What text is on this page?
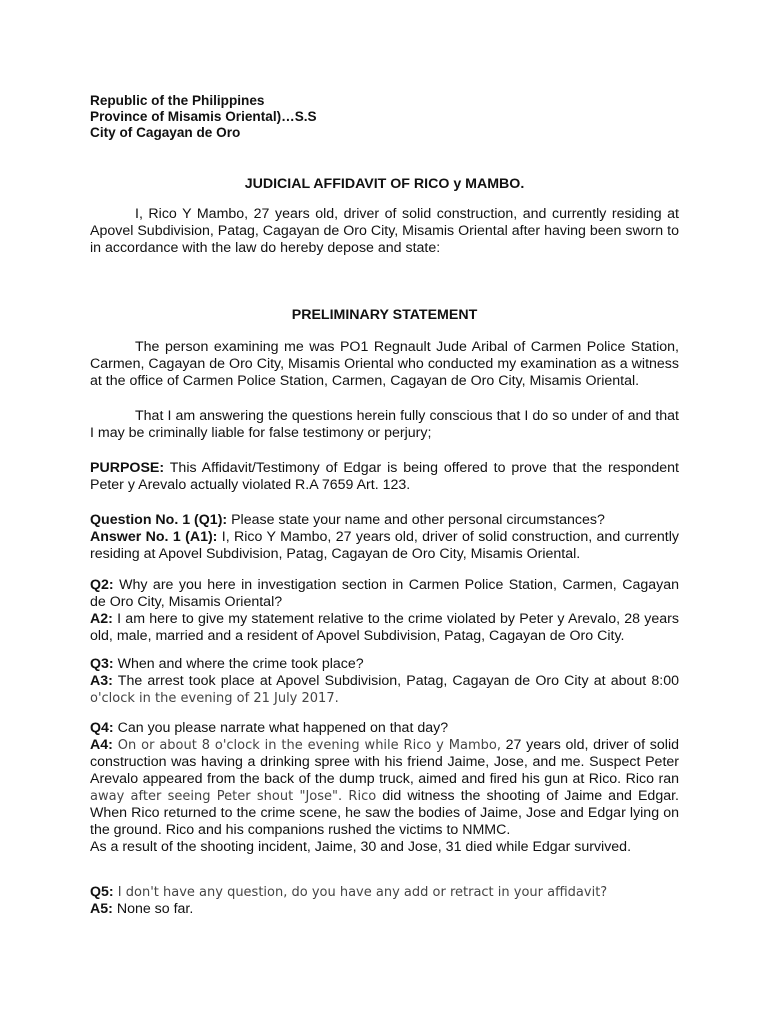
Republic of the Philippines
Province of Misamis Oriental)…S.S
City of Cagayan de Oro
JUDICIAL AFFIDAVIT OF RICO y MAMBO.

I, Rico Y Mambo, 27 years old, driver of solid construction, and currently residing at Apovel Subdivision, Patag, Cagayan de Oro City, Misamis Oriental after having been sworn to in accordance with the law do hereby depose and state:

PRELIMINARY STATEMENT

The person examining me was PO1 Regnault Jude Aribal of Carmen Police Station, Carmen, Cagayan de Oro City, Misamis Oriental who conducted my examination as a witness at the office of Carmen Police Station, Carmen, Cagayan de Oro City, Misamis Oriental.

That I am answering the questions herein fully conscious that I do so under of and that I may be criminally liable for false testimony or perjury;

PURPOSE: This Affidavit/Testimony of Edgar is being offered to prove that the respondent Peter y Arevalo actually violated R.A 7659 Art. 123.

Question No. 1 (Q1): Please state your name and other personal circumstances?
Answer No. 1 (A1): I, Rico Y Mambo, 27 years old, driver of solid construction, and currently residing at Apovel Subdivision, Patag, Cagayan de Oro City, Misamis Oriental.

Q2: Why are you here in investigation section in Carmen Police Station, Carmen, Cagayan de Oro City, Misamis Oriental?
A2: I am here to give my statement relative to the crime violated by Peter y Arevalo, 28 years old, male, married and a resident of Apovel Subdivision, Patag, Cagayan de Oro City.

Q3: When and where the crime took place?
A3: The arrest took place at Apovel Subdivision, Patag, Cagayan de Oro City at about 8:00 o'clock in the evening of 21 July 2017.

Q4: Can you please narrate what happened on that day?
A4: On or about 8 o'clock in the evening while Rico y Mambo, 27 years old, driver of solid construction was having a drinking spree with his friend Jaime, Jose, and me. Suspect Peter Arevalo appeared from the back of the dump truck, aimed and fired his gun at Rico. Rico ran away after seeing Peter shout "Jose". Rico did witness the shooting of Jaime and Edgar. When Rico returned to the crime scene, he saw the bodies of Jaime, Jose and Edgar lying on the ground. Rico and his companions rushed the victims to NMMC.
As a result of the shooting incident, Jaime, 30 and Jose, 31 died while Edgar survived.

Q5: I don't have any question, do you have any add or retract in your affidavit?
A5: None so far.
